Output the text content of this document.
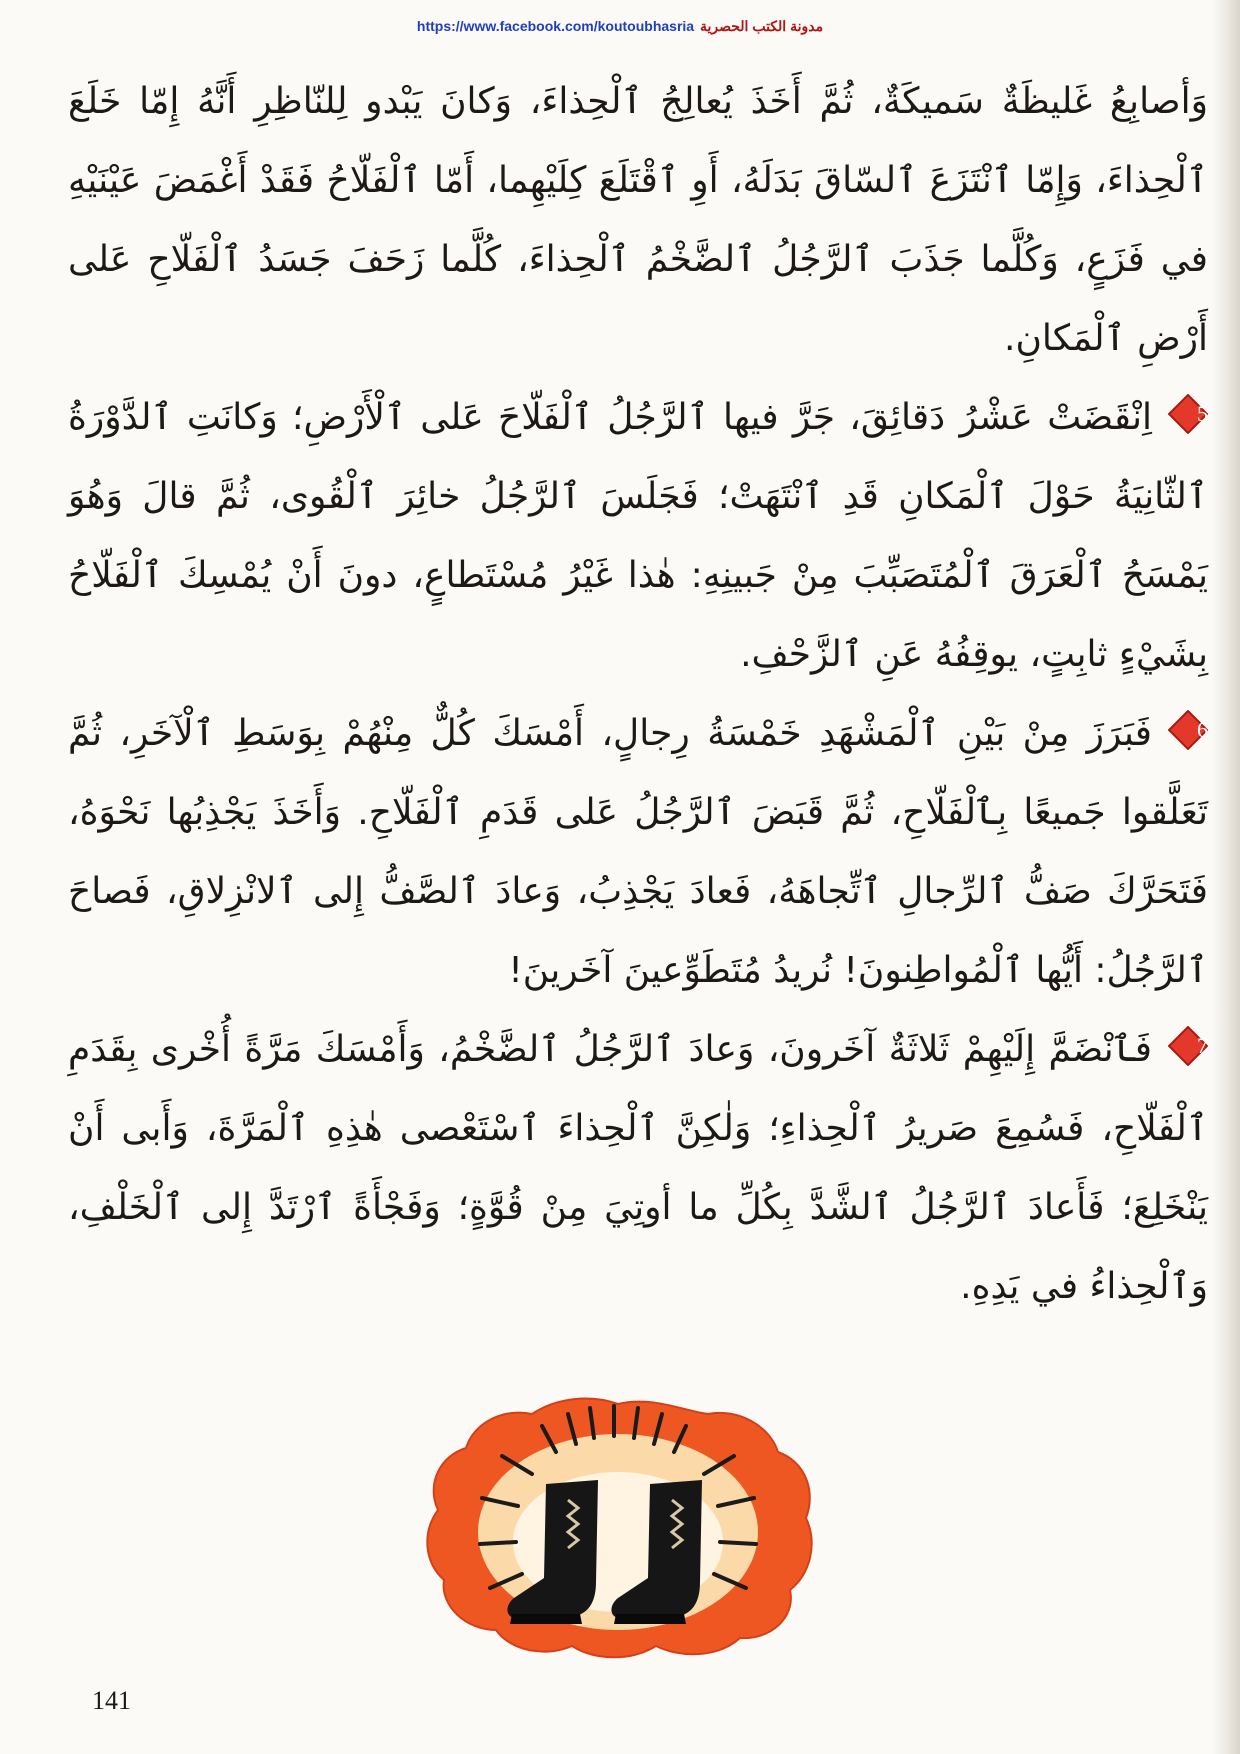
https://www.facebook.com/koutoubhasria مدونة الكتب الحصرية

وَأصابِعُ غَليظَةٌ سَميكَةٌ، ثُمَّ أَخَذَ يُعالِجُ ٱلْحِذاءَ، وَكانَ يَبْدو لِلنّاظِرِ أَنَّهُ إِمّا خَلَعَ ٱلْحِذاءَ، وَإِمّا ٱنْتَزَعَ ٱلسّاقَ بَدَلَهُ، أَوِ ٱقْتَلَعَ كِلَيْهِما، أَمّا ٱلْفَلّاحُ فَقَدْ أَغْمَضَ عَيْنَيْهِ في فَزَعٍ، وَكُلَّما جَذَبَ ٱلرَّجُلُ ٱلضَّخْمُ ٱلْحِذاءَ، كُلَّما زَحَفَ جَسَدُ ٱلْفَلّاحِ عَلى أَرْضِ ٱلْمَكانِ.

5
اِنْقَضَتْ عَشْرُ دَقائِقَ، جَرَّ فيها ٱلرَّجُلُ ٱلْفَلّاحَ عَلى ٱلْأَرْضِ؛ وَكانَتِ ٱلدَّوْرَةُ ٱلثّانِيَةُ حَوْلَ ٱلْمَكانِ قَدِ ٱنْتَهَتْ؛ فَجَلَسَ ٱلرَّجُلُ خائِرَ ٱلْقُوى، ثُمَّ قالَ وَهُوَ يَمْسَحُ ٱلْعَرَقَ ٱلْمُتَصَبِّبَ مِنْ جَبينِهِ: هٰذا غَيْرُ مُسْتَطاعٍ، دونَ أَنْ يُمْسِكَ ٱلْفَلّاحُ بِشَيْءٍ ثابِتٍ، يوقِفُهُ عَنِ ٱلزَّحْفِ.

6
فَبَرَزَ مِنْ بَيْنِ ٱلْمَشْهَدِ خَمْسَةُ رِجالٍ، أَمْسَكَ كُلٌّ مِنْهُمْ بِوَسَطِ ٱلْآخَرِ، ثُمَّ تَعَلَّقوا جَميعًا بِٱلْفَلّاحِ، ثُمَّ قَبَضَ ٱلرَّجُلُ عَلى قَدَمِ ٱلْفَلّاحِ. وَأَخَذَ يَجْذِبُها نَحْوَهُ، فَتَحَرَّكَ صَفُّ ٱلرِّجالِ ٱتِّجاهَهُ، فَعادَ يَجْذِبُ، وَعادَ ٱلصَّفُّ إِلى ٱلانْزِلاقِ، فَصاحَ ٱلرَّجُلُ: أَيُّها ٱلْمُواطِنونَ! نُريدُ مُتَطَوِّعينَ آخَرينَ!

7
فَٱنْضَمَّ إِلَيْهِمْ ثَلاثَةٌ آخَرونَ، وَعادَ ٱلرَّجُلُ ٱلضَّخْمُ، وَأَمْسَكَ مَرَّةً أُخْرى بِقَدَمِ ٱلْفَلّاحِ، فَسُمِعَ صَريرُ ٱلْحِذاءِ؛ وَلٰكِنَّ ٱلْحِذاءَ ٱسْتَعْصى هٰذِهِ ٱلْمَرَّةَ، وَأَبى أَنْ يَنْخَلِعَ؛ فَأَعادَ ٱلرَّجُلُ ٱلشَّدَّ بِكُلِّ ما أوتِيَ مِنْ قُوَّةٍ؛ وَفَجْأَةً ٱرْتَدَّ إِلى ٱلْخَلْفِ، وَٱلْحِذاءُ في يَدِهِ.

141
